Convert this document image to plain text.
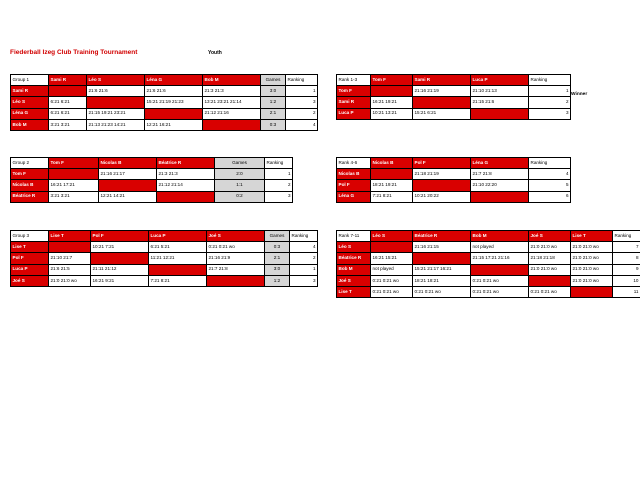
Fiederball Izeg Club Training Tournament	Youth
Group 1	Sami R	Léo S	Léna G	Bob M	Games	Ranking
Sami R		21:6 21:6	21:6 21:6	21:3 21:3	3:0	1
Léo S	6:21 6:21		15:21 21:19 21:23	13:21 23:21 21:14	1:2	3
Léna G	6:21 6:21	21:15 19:21 23:21		21:12 21:16	2:1	2
Bob M	3:21 3:21	21:13 21:23 14:21	12:21 16:21		0:3	4
Group 2	Tom F	Nicolas B	Béatrice R	Games	Ranking
Tom F		21:16 21:17	21:3 21:3	2:0	1
Nicolas B	16:21 17:21		21:12 21:14	1:1	2
Béatrice R	3:21 3:21	12:21 14:21		0:2	3
Group 3	Lise T	Pol F	Luca P	Joé S	Games	Ranking
Lise T		10:21 7:21	6:21 5:21	0:21 0:21 wo	0:3	4
Pol F	21:10 21:7		11:21 12:21	21:16 21:9	2:1	2
Luca P	21:6 21:5	21:11 21:12		21:7 21:8	3:0	1
Joé S	21:0 21:0 wo	16:21 9:21	7:21 8:21		1:2	3
Rank 1-3	Tom F	Sami R	Luca P	Ranking
Tom F		21:16 21:19	21:10 21:13	1
Sami R	16:21 19:21		21:15 21:6	2
Luca P	10:21 13:21	15:21 6:21		3
Winner
Rank 4-6	Nicolas B	Pol F	Léna G	Ranking
Nicolas B		21:18 21:19	21:7 21:8	4
Pol F	18:21 19:21		21:10 22:20	5
Léna G	7:21 8:21	10:21 20:22		6
Rank 7-11	Léo S	Béatrice R	Bob M	Joé S	Lise T	Ranking
Léo S		21:16 21:15	not played	21:0 21:0 wo	21:0 21:0 wo	7
Béatrice R	16:21 15:21		21:15 17:21 21:16	21:18 21:18	21:0 21:0 wo	8
Bob M	not played	15:21 21:17 16:21		21:0 21:0 wo	21:0 21:0 wo	9
Joé S	0:21 0:21 wo	18:21 18:21	0:21 0:21 wo		21:0 21:0 wo	10
Lise T	0:21 0:21 wo	0:21 0:21 wo	0:21 0:21 wo	0:21 0:21 wo		11
